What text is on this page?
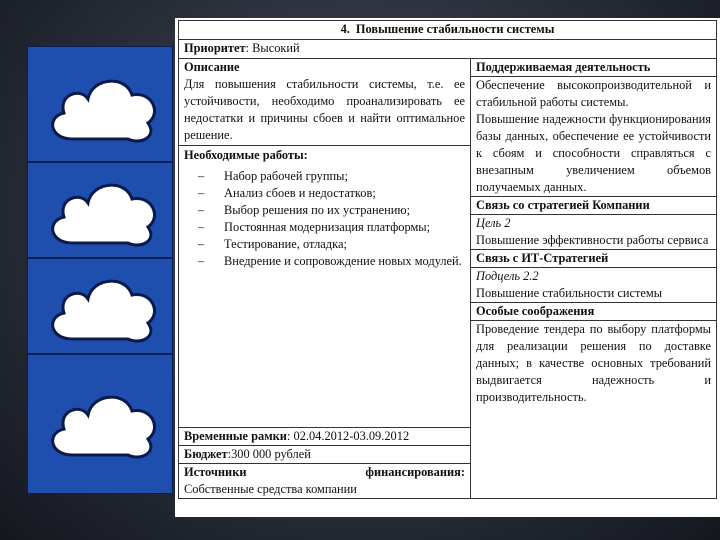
4. Повышение стабильности системы
Приоритет: Высокий

Описание
Для повышения стабильности системы, т.е. ее устойчивости, необходимо проанализировать ее недостатки и причины сбоев и найти оптимальное решение.
Необходимые работы:
– Набор рабочей группы;
– Анализ сбоев и недостатков;
– Выбор решения по их устранению;
– Постоянная модернизация платформы;
– Тестирование, отладка;
– Внедрение и сопровождение новых модулей.

Поддерживаемая деятельность
Обеспечение высокопроизводительной и стабильной работы системы.
Повышение надежности функционирования базы данных, обеспечение ее устойчивости к сбоям и способности справляться с внезапным увеличением объемов получаемых данных.
Связь со стратегией Компании
Цель 2
Повышение эффективности работы сервиса
Связь с ИТ-Стратегией
Подцель 2.2
Повышение стабильности системы
Особые соображения
Проведение тендера по выбору платформы для реализации решения по доставке данных; в качестве основных требований выдвигается надежность и производительность.

Временные рамки: 02.04.2012-03.09.2012
Бюджет:300 000 рублей

Источники	финансирования:
Собственные средства компании
